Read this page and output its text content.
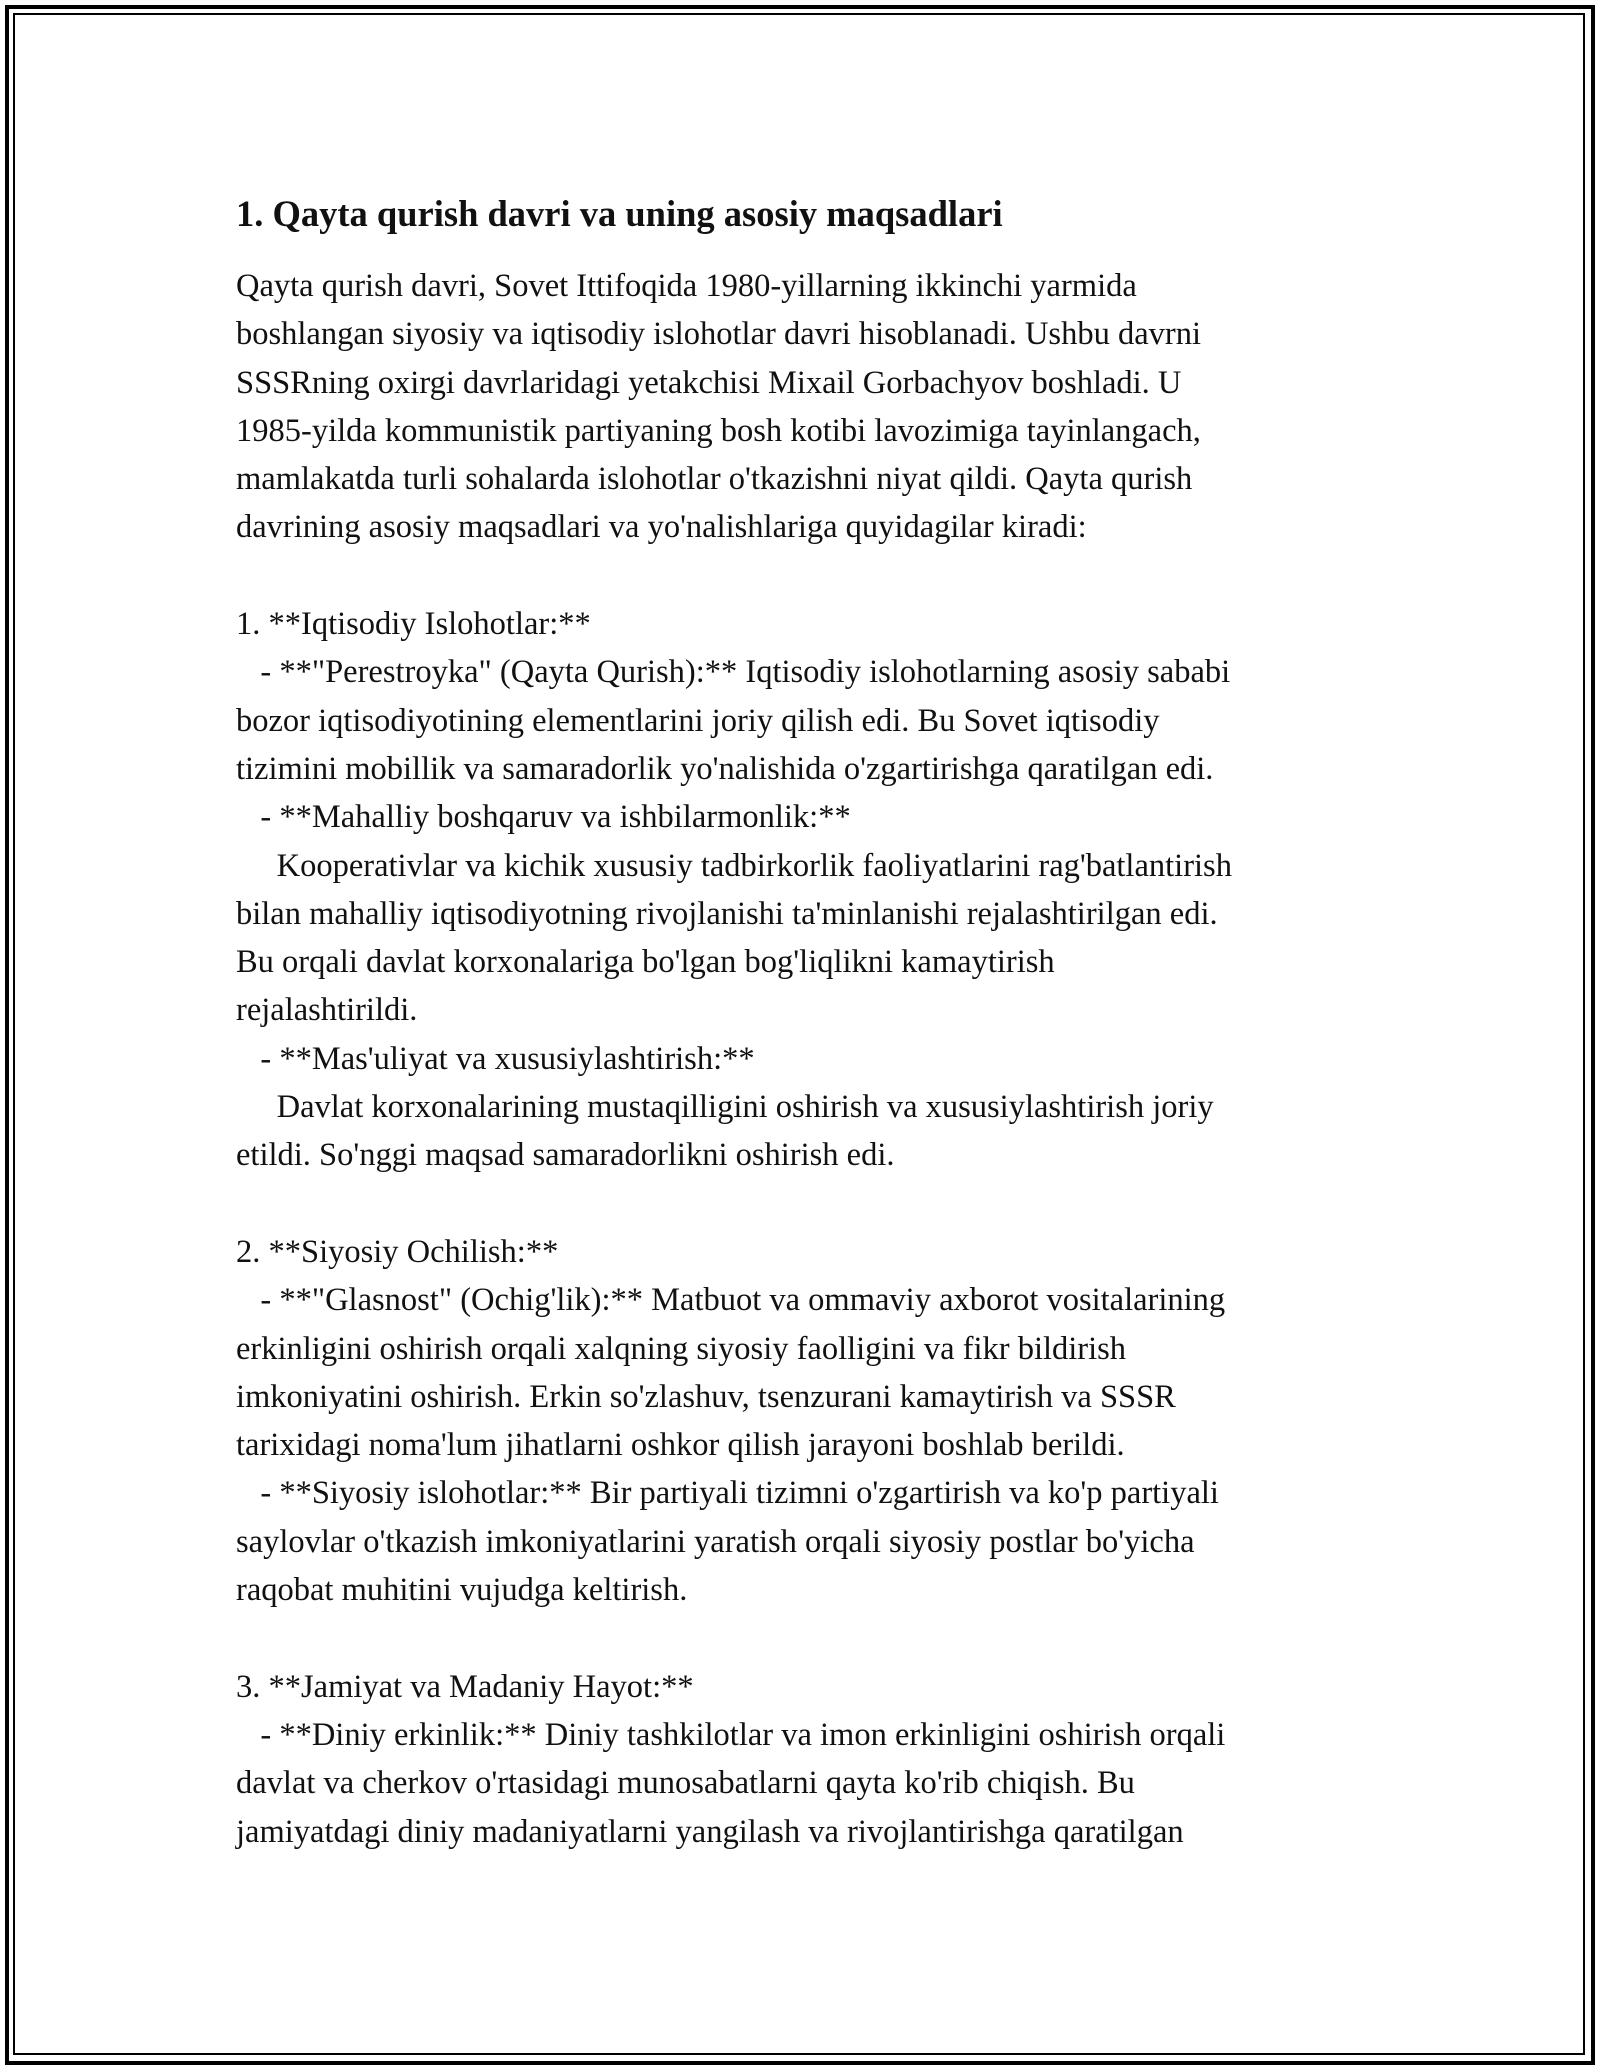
1. Qayta qurish davri va uning asosiy maqsadlari
Qayta qurish davri, Sovet Ittifoqida 1980-yillarning ikkinchi yarmida
boshlangan siyosiy va iqtisodiy islohotlar davri hisoblanadi. Ushbu davrni
SSSRning oxirgi davrlaridagi yetakchisi Mixail Gorbachyov boshladi. U
1985-yilda kommunistik partiyaning bosh kotibi lavozimiga tayinlangach,
mamlakatda turli sohalarda islohotlar o'tkazishni niyat qildi. Qayta qurish
davrining asosiy maqsadlari va yo'nalishlariga quyidagilar kiradi:
1. **Iqtisodiy Islohotlar:**
- **"Perestroyka" (Qayta Qurish):** Iqtisodiy islohotlarning asosiy sababi
bozor iqtisodiyotining elementlarini joriy qilish edi. Bu Sovet iqtisodiy
tizimini mobillik va samaradorlik yo'nalishida o'zgartirishga qaratilgan edi.
- **Mahalliy boshqaruv va ishbilarmonlik:**
Kooperativlar va kichik xususiy tadbirkorlik faoliyatlarini rag'batlantirish
bilan mahalliy iqtisodiyotning rivojlanishi ta'minlanishi rejalashtirilgan edi.
Bu orqali davlat korxonalariga bo'lgan bog'liqlikni kamaytirish
rejalashtirildi.
- **Mas'uliyat va xususiylashtirish:**
Davlat korxonalarining mustaqilligini oshirish va xususiylashtirish joriy
etildi. So'nggi maqsad samaradorlikni oshirish edi.
2. **Siyosiy Ochilish:**
- **"Glasnost" (Ochig'lik):** Matbuot va ommaviy axborot vositalarining
erkinligini oshirish orqali xalqning siyosiy faolligini va fikr bildirish
imkoniyatini oshirish. Erkin so'zlashuv, tsenzurani kamaytirish va SSSR
tarixidagi noma'lum jihatlarni oshkor qilish jarayoni boshlab berildi.
- **Siyosiy islohotlar:** Bir partiyali tizimni o'zgartirish va ko'p partiyali
saylovlar o'tkazish imkoniyatlarini yaratish orqali siyosiy postlar bo'yicha
raqobat muhitini vujudga keltirish.
3. **Jamiyat va Madaniy Hayot:**
- **Diniy erkinlik:** Diniy tashkilotlar va imon erkinligini oshirish orqali
davlat va cherkov o'rtasidagi munosabatlarni qayta ko'rib chiqish. Bu
jamiyatdagi diniy madaniyatlarni yangilash va rivojlantirishga qaratilgan
